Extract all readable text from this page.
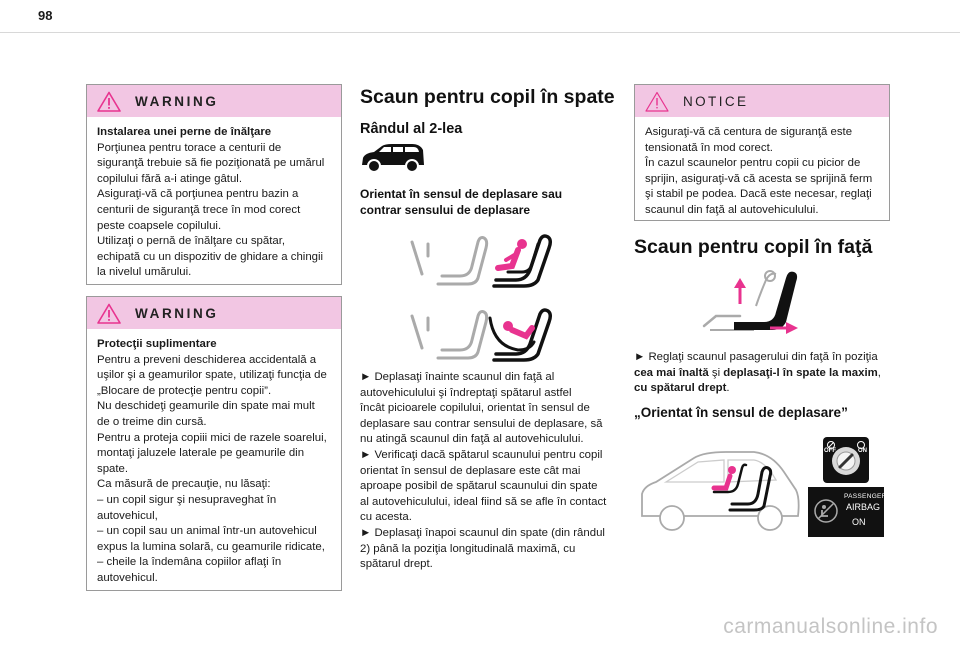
98
WARNING

Instalarea unei perne de înălţare

Porţiunea pentru torace a centurii de

siguranţă trebuie să fie poziţionată pe umărul

copilului fără a-i atinge gâtul.

Asiguraţi-vă că porţiunea pentru bazin a

centurii de siguranţă trece în mod corect

peste coapsele copilului.

Utilizaţi o pernă de înălţare cu spătar,

echipată cu un dispozitiv de ghidare a chingii

la nivelul umărului.

WARNING

Protecţii suplimentare

Pentru a preveni deschiderea accidentală a

uşilor şi a geamurilor spate, utilizaţi funcţia de

„Blocare de protecţie pentru copii”.

Nu deschideţi geamurile din spate mai mult

de o treime din cursă.

Pentru a proteja copiii mici de razele soarelui,

montaţi jaluzele laterale pe geamurile din

spate.

Ca măsură de precauţie, nu lăsaţi:

– un copil sigur şi nesupraveghat în

autovehicul,

– un copil sau un animal într-un autovehicul

expus la lumina solară, cu geamurile ridicate,

– cheile la îndemâna copiilor aflaţi în

autovehicul.

Scaun pentru copil în spate
Rândul al 2-lea
Orientat în sensul de deplasare sau
contrar sensului de deplasare
► Deplasaţi înainte scaunul din faţă al
autovehiculului şi îndreptaţi spătarul astfel
încât picioarele copilului, orientat în sensul de
deplasare sau contrar sensului de deplasare, să
nu atingă scaunul din faţă al autovehiculului.
► Verificaţi dacă spătarul scaunului pentru copil
orientat în sensul de deplasare este cât mai
aproape posibil de spătarul scaunului din spate
al autovehiculului, ideal fiind să se afle în contact
cu acesta.
► Deplasaţi înapoi scaunul din spate (din rândul
2) până la poziţia longitudinală maximă, cu
spătarul drept.
NOTICE

Asiguraţi-vă că centura de siguranţă este

tensionată în mod corect.

În cazul scaunelor pentru copii cu picior de

sprijin, asiguraţi-vă că acesta se sprijină ferm

şi stabil pe podea. Dacă este necesar, reglaţi

scaunul din faţă al autovehiculului.

Scaun pentru copil în faţă
► Reglaţi scaunul pasagerului din faţă în poziţia
cea mai înaltă şi deplasaţi-l în spate la maxim,
cu spătarul drept.
„Orientat în sensul de deplasare”
OFF	ON
PASSENGER
AIRBAG
ON
carmanualsonline.info
